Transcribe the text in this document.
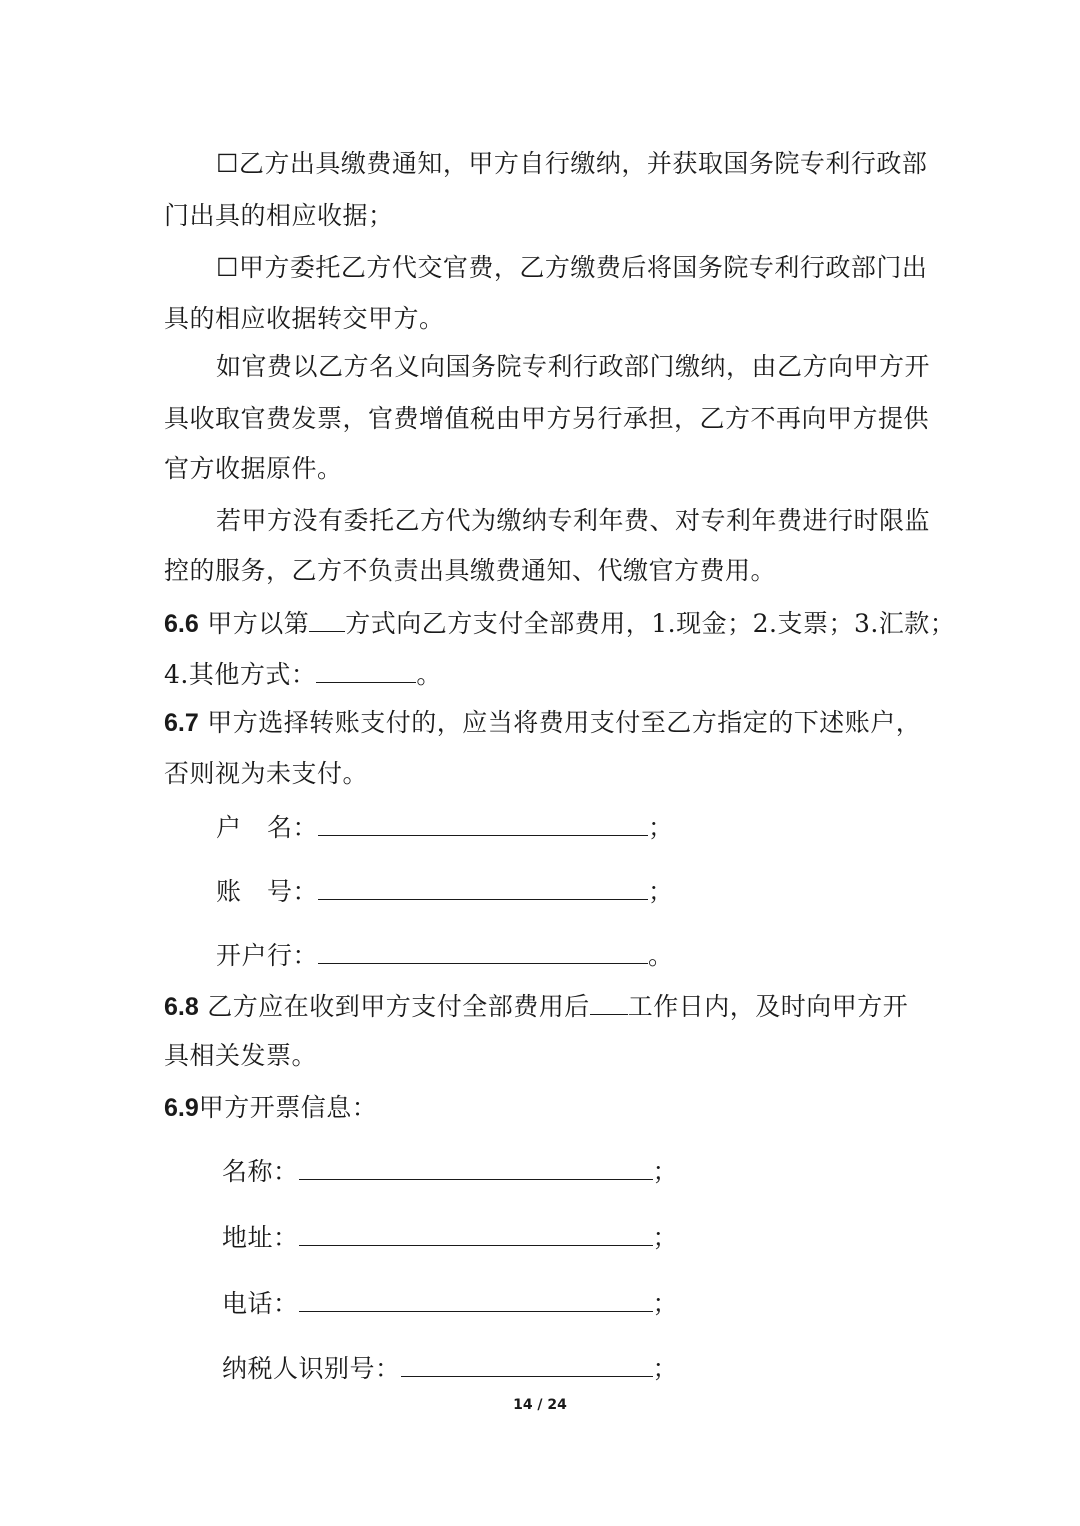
☐乙方出具缴费通知，甲方自行缴纳，并获取国务院专利行政部
门出具的相应收据；
☐甲方委托乙方代交官费，乙方缴费后将国务院专利行政部门出
具的相应收据转交甲方。
如官费以乙方名义向国务院专利行政部门缴纳，由乙方向甲方开
具收取官费发票，官费增值税由甲方另行承担，乙方不再向甲方提供
官方收据原件。
若甲方没有委托乙方代为缴纳专利年费、对专利年费进行时限监
控的服务，乙方不负责出具缴费通知、代缴官方费用。
6.6 甲方以第 方式向乙方支付全部费用，1.现金；2.支票；3.汇款；
4.其他方式：	。
6.7 甲方选择转账支付的，应当将费用支付至乙方指定的下述账户，
否则视为未支付。
户　名：	；
账　号：	；
开户行：	。
6.8 乙方应在收到甲方支付全部费用后 工作日内，及时向甲方开
具相关发票。
6.9甲方开票信息：
名称：	；
地址：	；
电话：	；
纳税人识别号：	；
14 / 24
